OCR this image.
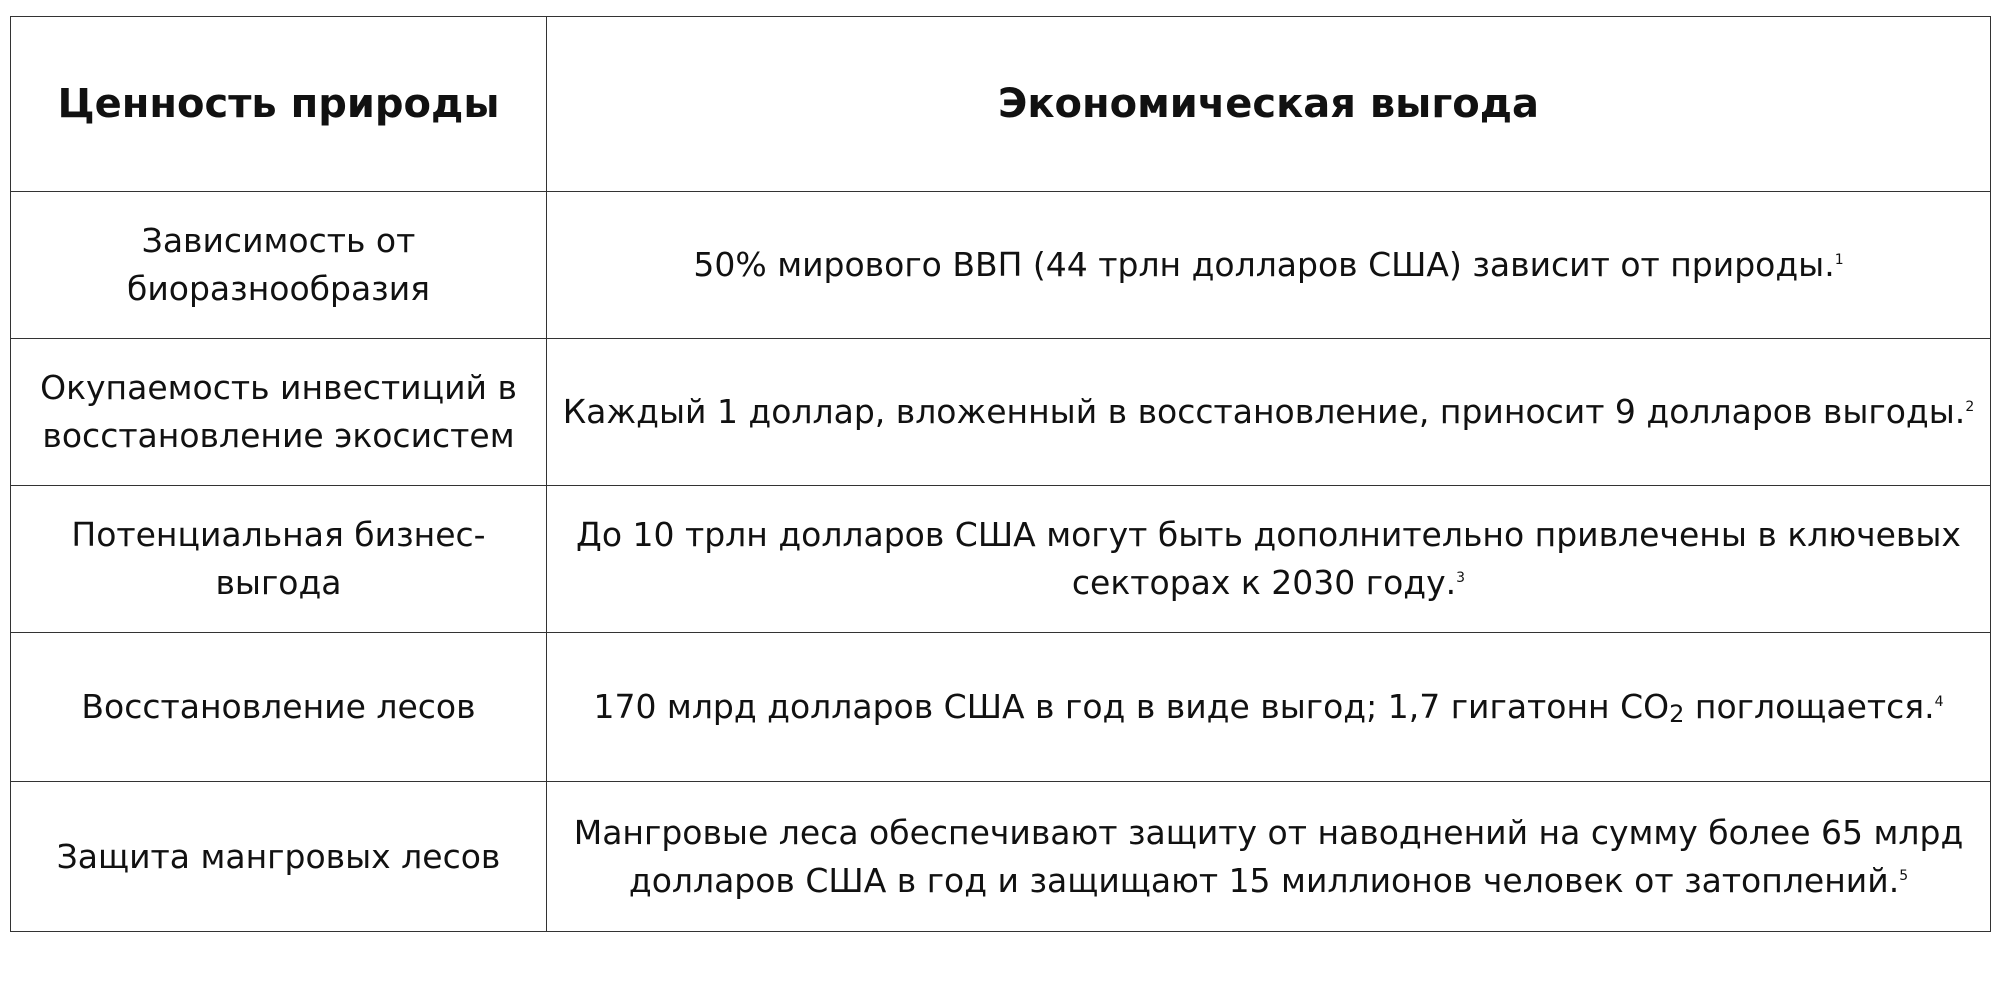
Ценность природы	Экономическая выгода
Зависимость от биоразнообразия	50% мирового ВВП (44 трлн долларов США) зависит от природы.$^1$
Окупаемость инвестиций в восстановление экосистем	Каждый 1 доллар, вложенный в восстановление, приносит 9 долларов выгоды.$^2$
Потенциальная бизнес-выгода	До 10 трлн долларов США могут быть дополнительно привлечены в ключевых секторах к 2030 году.$^3$
Восстановление лесов	170 млрд долларов США в год в виде выгод; 1,7 гигатонн $CO_2$ поглощается.$^4$
Защита мангровых лесов	Мангровые леса обеспечивают защиту от наводнений на сумму более 65 млрд долларов США в год и защищают 15 миллионов человек от затоплений.$^5$
